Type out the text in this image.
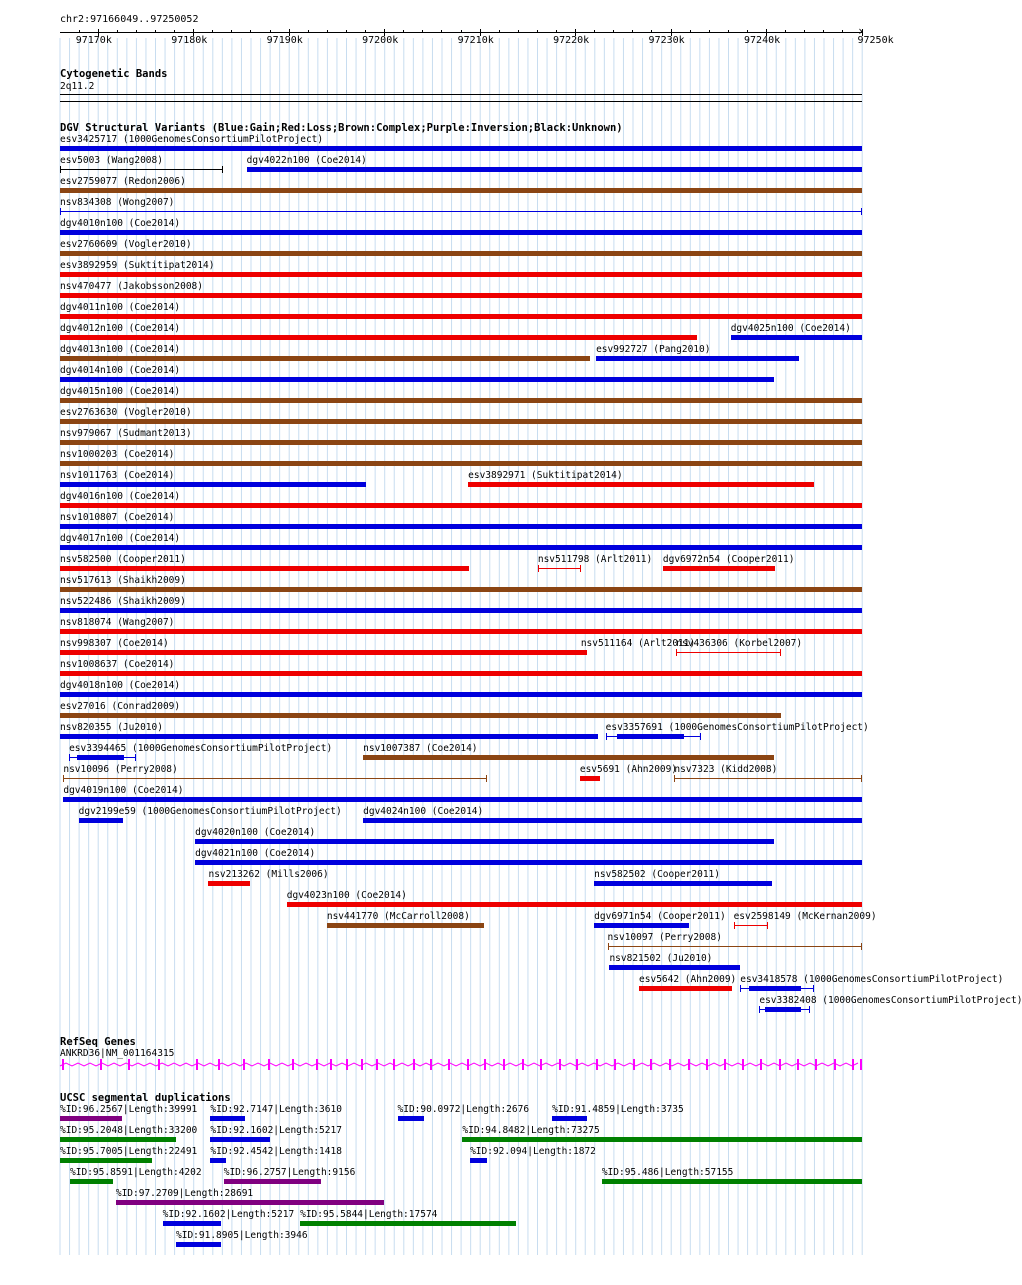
chr2:97166049..97250052
97170k	97180k	97190k	97200k	97210k	97220k	97230k	97240k	97250k
›
Cytogenetic Bands
2q11.2
DGV Structural Variants (Blue:Gain;Red:Loss;Brown:Complex;Purple:Inversion;Black:Unknown)
esv3425717 (1000GenomesConsortiumPilotProject)
esv5003 (Wang2008)	dgv4022n100 (Coe2014)
esv2759077 (Redon2006)
nsv834308 (Wong2007)
dgv4010n100 (Coe2014)
esv2760609 (Vogler2010)
esv3892959 (Suktitipat2014)
nsv470477 (Jakobsson2008)
dgv4011n100 (Coe2014)
dgv4012n100 (Coe2014)	dgv4025n100 (Coe2014)
dgv4013n100 (Coe2014)	esv992727 (Pang2010)
dgv4014n100 (Coe2014)
dgv4015n100 (Coe2014)
esv2763630 (Vogler2010)
nsv979067 (Sudmant2013)
nsv1000203 (Coe2014)
nsv1011763 (Coe2014)	esv3892971 (Suktitipat2014)
dgv4016n100 (Coe2014)
nsv1010807 (Coe2014)
dgv4017n100 (Coe2014)
nsv582500 (Cooper2011)	nsv511798 (Arlt2011) dgv6972n54 (Cooper2011)
nsv517613 (Shaikh2009)
nsv522486 (Shaikh2009)
nsv818074 (Wang2007)
nsv998307 (Coe2014)	nsv511164 (Arlt2011)
nsv436306 (Korbel2007)
nsv1008637 (Coe2014)
dgv4018n100 (Coe2014)
esv27016 (Conrad2009)
nsv820355 (Ju2010)	esv3357691 (1000GenomesConsortiumPilotProject)
esv3394465 (1000GenomesConsortiumPilotProject)	nsv1007387 (Coe2014)
nsv10096 (Perry2008)	esv5691 (Ahn2009)
nsv7323 (Kidd2008)
dgv4019n100 (Coe2014)
dgv2199e59 (1000GenomesConsortiumPilotProject) dgv4024n100 (Coe2014)
dgv4020n100 (Coe2014)
dgv4021n100 (Coe2014)
nsv213262 (Mills2006)	nsv582502 (Cooper2011)
dgv4023n100 (Coe2014)
nsv441770 (McCarroll2008)	dgv6971n54 (Cooper2011) esv2598149 (McKernan2009)
nsv10097 (Perry2008)
nsv821502 (Ju2010)
esv5642 (Ahn2009) esv3418578 (1000GenomesConsortiumPilotProject)
esv3382408 (1000GenomesConsortiumPilotProject)
RefSeq Genes
ANKRD36|NM_001164315
UCSC segmental duplications
%ID:96.2567|Length:39991 %ID:92.7147|Length:3610	%ID:90.0972|Length:2676 %ID:91.4859|Length:3735
%ID:95.2048|Length:33200 %ID:92.1602|Length:5217	%ID:94.8482|Length:73275
%ID:95.7005|Length:22491 %ID:92.4542|Length:1418	%ID:92.094|Length:1872
%ID:95.8591|Length:4202 %ID:96.2757|Length:9156	%ID:95.486|Length:57155
%ID:97.2709|Length:28691
%ID:92.1602|Length:5217 %ID:95.5844|Length:17574
%ID:91.8905|Length:3946
